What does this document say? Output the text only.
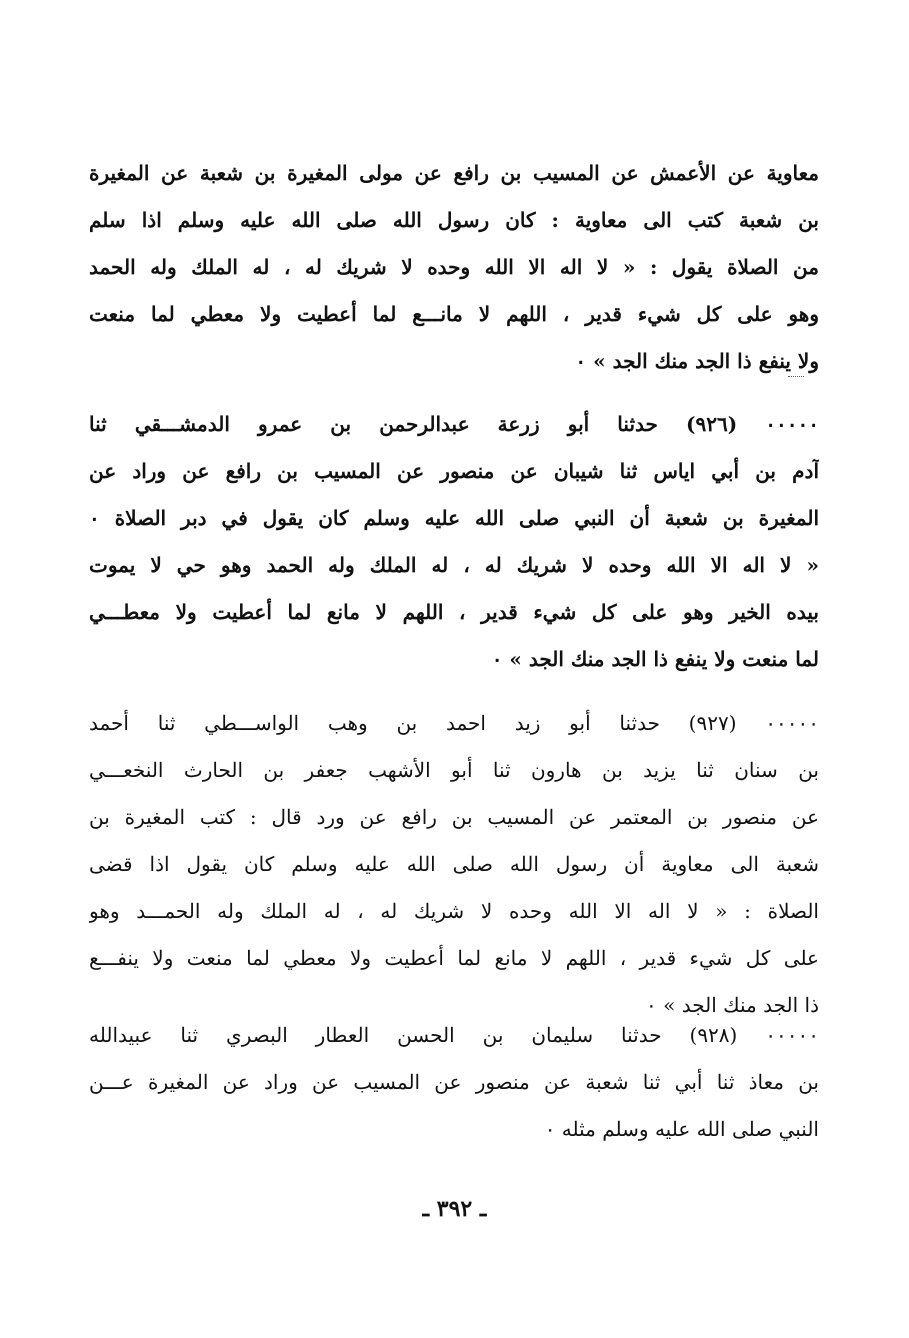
معاوية عن الأعمش عن المسيب بن رافع عن مولى المغيرة بن شعبة عن المغيرة
بن شعبة كتب الى معاوية : كان رسول الله صلى الله عليه وسلم اذا سلم
من الصلاة يقول : « لا اله الا الله وحده لا شريك له ، له الملك وله الحمد
وهو على كل شيء قدير ، اللهم لا مانـــع لما أعطيت ولا معطي لما منعت
ولا ينفع ذا الجد منك الجد » ٠
٠٠٠٠٠ (٩٢٦) حدثنا أبو زرعة عبدالرحمن بن عمرو الدمشـــقي ثنا
آدم بن أبي اياس ثنا شيبان عن منصور عن المسيب بن رافع عن وراد عن
المغيرة بن شعبة أن النبي صلى الله عليه وسلم كان يقول في دبر الصلاة ٠
« لا اله الا الله وحده لا شريك له ، له الملك وله الحمد وهو حي لا يموت
بيده الخير وهو على كل شيء قدير ، اللهم لا مانع لما أعطيت ولا معطـــي
لما منعت ولا ينفع ذا الجد منك الجد » ٠
٠٠٠٠٠ (٩٢٧) حدثنا أبو زيد احمد بن وهب الواســـطي ثنا أحمد
بن سنان ثنا يزيد بن هارون ثنا أبو الأشهب جعفر بن الحارث النخعـــي
عن منصور بن المعتمر عن المسيب بن رافع عن ورد قال : كتب المغيرة بن
شعبة الى معاوية أن رسول الله صلى الله عليه وسلم كان يقول اذا قضى
الصلاة : « لا اله الا الله وحده لا شريك له ، له الملك وله الحمـــد وهو
على كل شيء قدير ، اللهم لا مانع لما أعطيت ولا معطي لما منعت ولا ينفـــع
ذا الجد منك الجد » ٠
٠٠٠٠٠ (٩٢٨) حدثنا سليمان بن الحسن العطار البصري ثنا عبيدالله
بن معاذ ثنا أبي ثنا شعبة عن منصور عن المسيب عن وراد عن المغيرة عـــن
النبي صلى الله عليه وسلم مثله ٠
ـ ٣٩٢ ـ
